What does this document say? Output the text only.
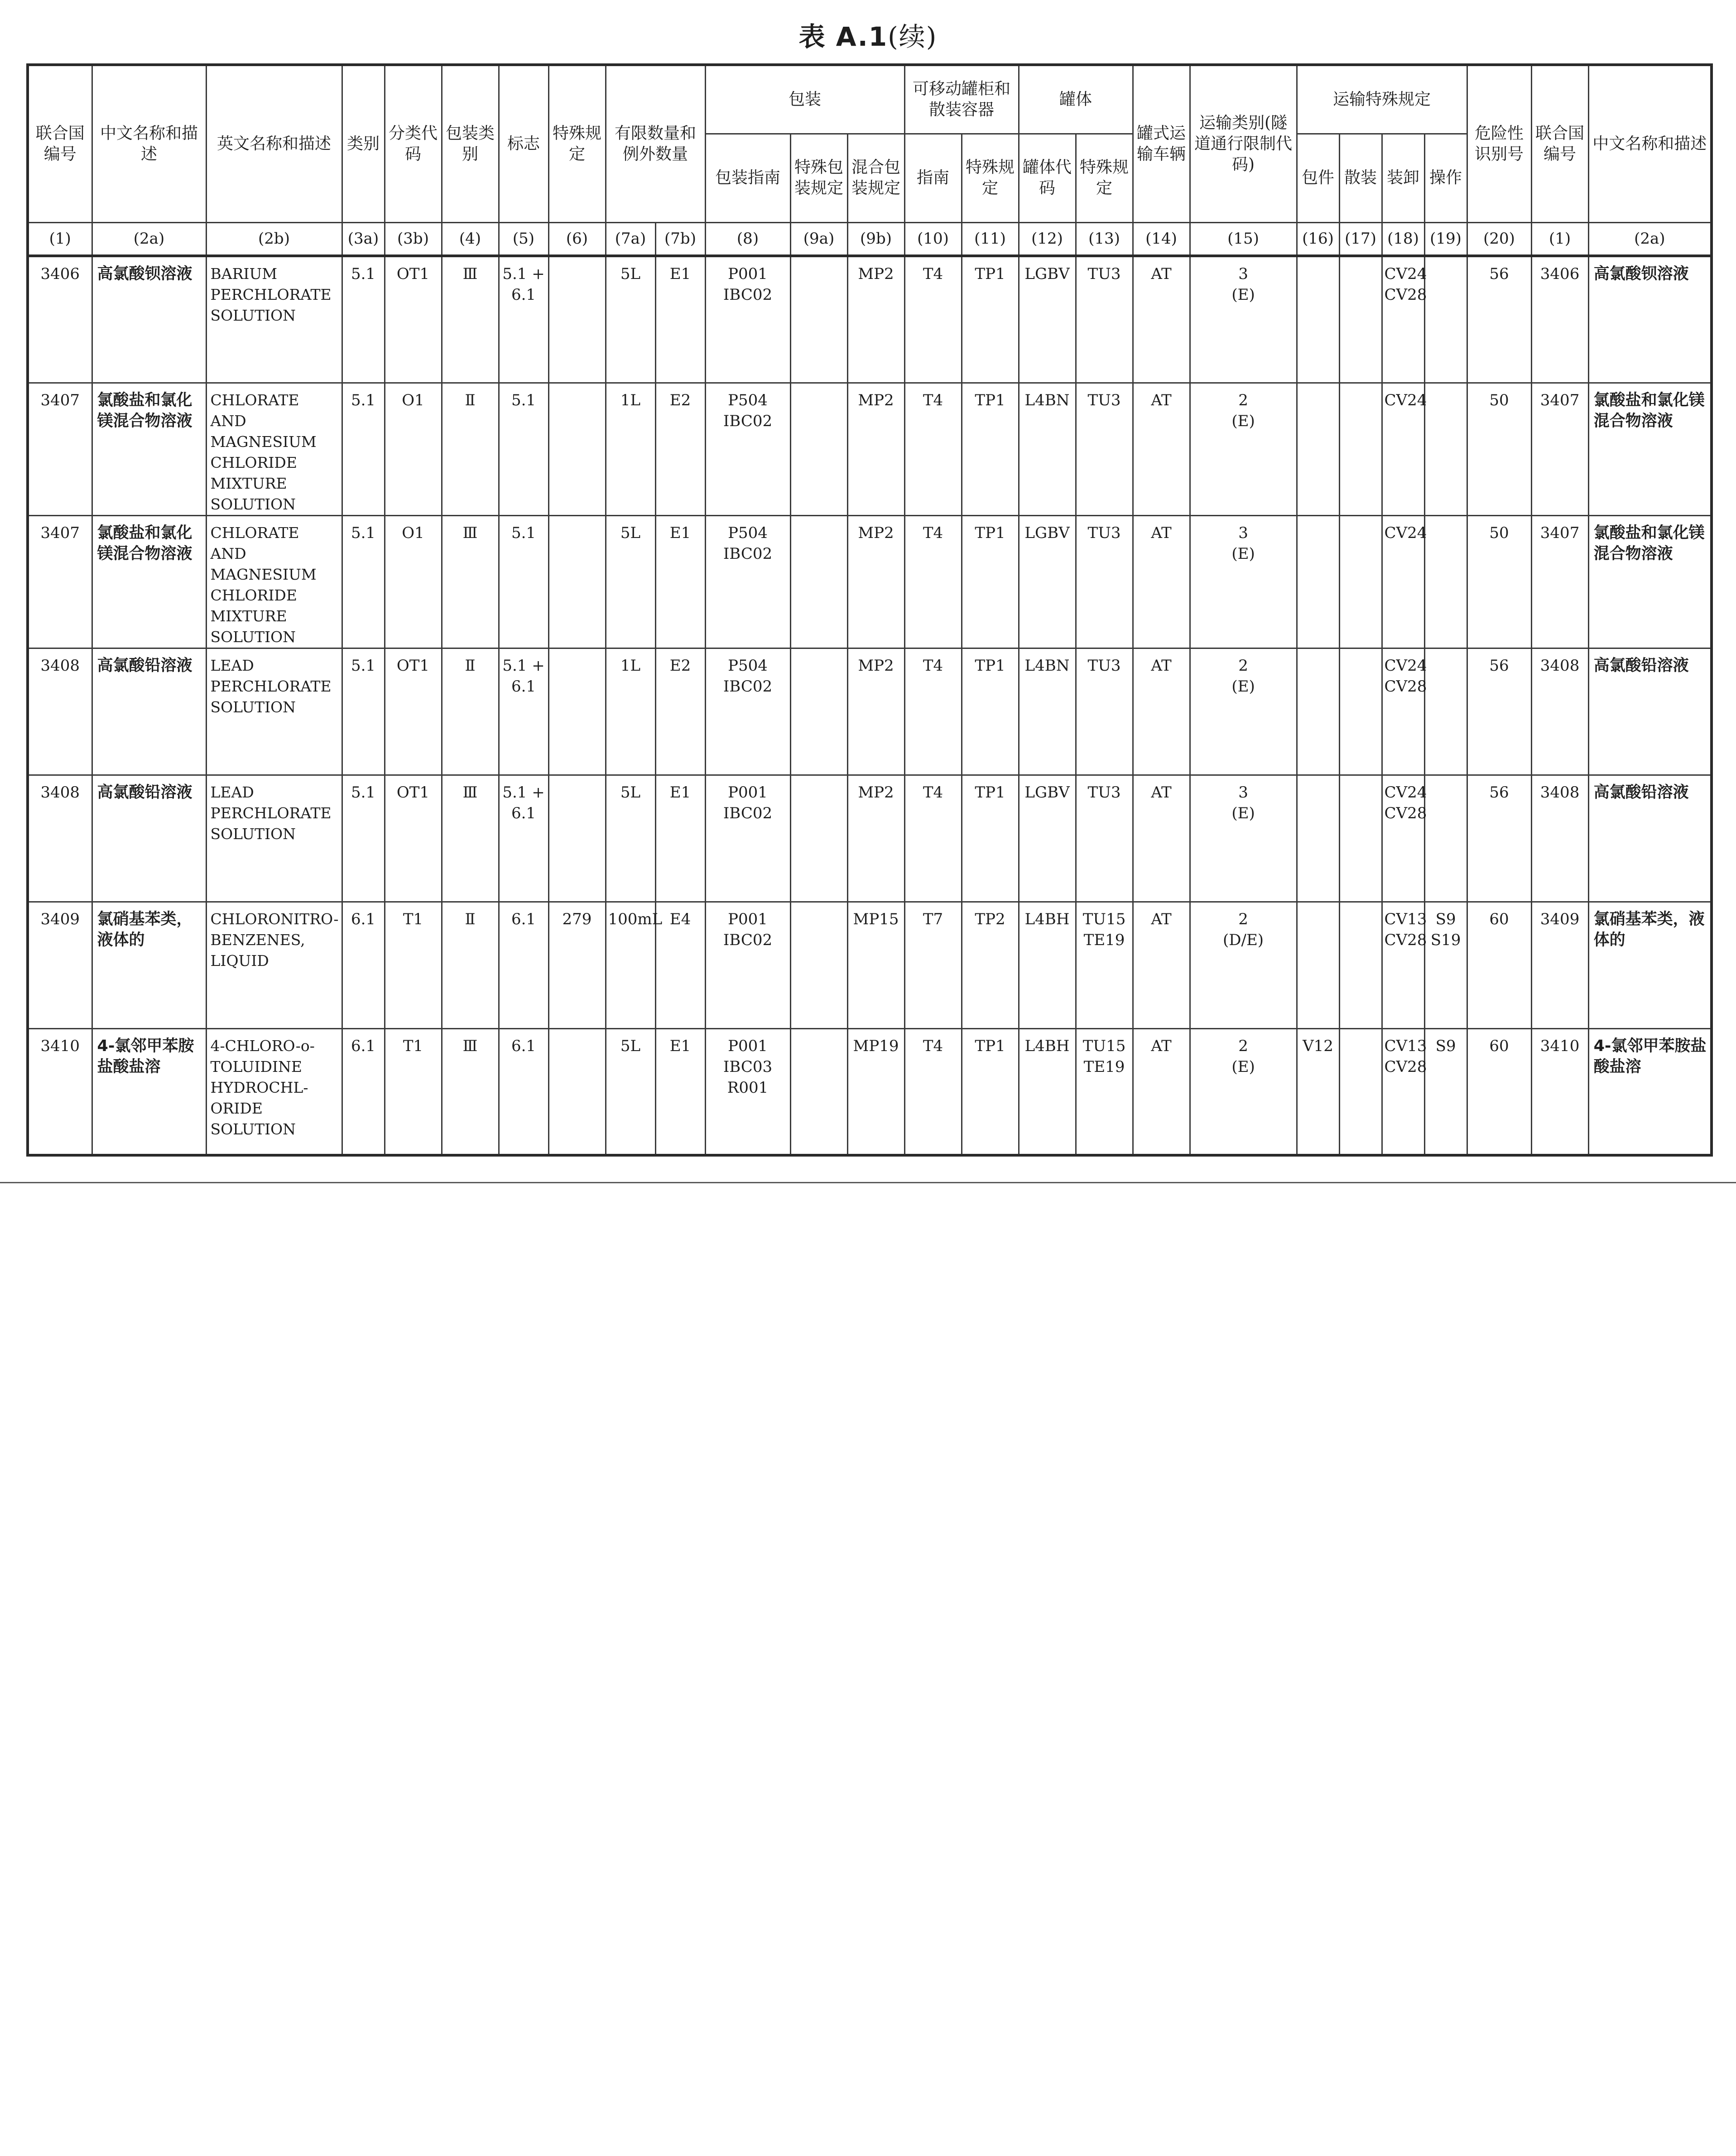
表 A.1(续)
联合国编号	中文名称和描述	英文名称和描述	类别	分类代码	包装类别	标志	特殊规定	有限数量和例外数量		包装			可移动罐柜和散装容器		罐体		罐式运输车辆	运输类别(隧道通行限制代码)	运输特殊规定				危险性识别号	联合国编号	中文名称和描述
										包装指南	特殊包装规定	混合包装规定	指南	特殊规定	罐体代码	特殊规定			包件	散装	装卸	操作			
(1)	(2a)	(2b)	(3a)	(3b)	(4)	(5)	(6)	(7a)	(7b)	(8)	(9a)	(9b)	(10)	(11)	(12)	(13)	(14)	(15)	(16)	(17)	(18)	(19)	(20)	(1)	(2a)
3406	高氯酸钡溶液	BARIUM
PERCHLORATE
SOLUTION	5.1	OT1	Ⅲ	5.1 +
6.1		5L	E1	P001
IBC02		MP2	T4	TP1	LGBV	TU3	AT	3
(E)			CV24
CV28		56	3406	高氯酸钡溶液
3407	氯酸盐和氯化镁混合物溶液	CHLORATE AND
MAGNESIUM
CHLORIDE
MIXTURE
SOLUTION	5.1	O1	Ⅱ	5.1		1L	E2	P504
IBC02		MP2	T4	TP1	L4BN	TU3	AT	2
(E)			CV24		50	3407	氯酸盐和氯化镁混合物溶液
3407	氯酸盐和氯化镁混合物溶液	CHLORATE AND
MAGNESIUM
CHLORIDE
MIXTURE
SOLUTION	5.1	O1	Ⅲ	5.1		5L	E1	P504
IBC02		MP2	T4	TP1	LGBV	TU3	AT	3
(E)			CV24		50	3407	氯酸盐和氯化镁混合物溶液
3408	高氯酸铅溶液	LEAD
PERCHLORATE
SOLUTION	5.1	OT1	Ⅱ	5.1 +
6.1		1L	E2	P504
IBC02		MP2	T4	TP1	L4BN	TU3	AT	2
(E)			CV24
CV28		56	3408	高氯酸铅溶液
3408	高氯酸铅溶液	LEAD
PERCHLORATE
SOLUTION	5.1	OT1	Ⅲ	5.1 +
6.1		5L	E1	P001
IBC02		MP2	T4	TP1	LGBV	TU3	AT	3
(E)			CV24
CV28		56	3408	高氯酸铅溶液
3409	氯硝基苯类，液体的	CHLORONITRO-
BENZENES,
LIQUID	6.1	T1	Ⅱ	6.1	279	100mL	E4	P001
IBC02		MP15	T7	TP2	L4BH	TU15
TE19	AT	2
(D/E)			CV13
CV28	S9
S19	60	3409	氯硝基苯类，液体的
3410	4-氯邻甲苯胺盐酸盐溶	4-CHLORO-o-
TOLUIDINE
HYDROCHL-
ORIDE
SOLUTION	6.1	T1	Ⅲ	6.1		5L	E1	P001
IBC03
R001		MP19	T4	TP1	L4BH	TU15
TE19	AT	2
(E)	V12		CV13
CV28	S9	60	3410	4-氯邻甲苯胺盐酸盐溶
